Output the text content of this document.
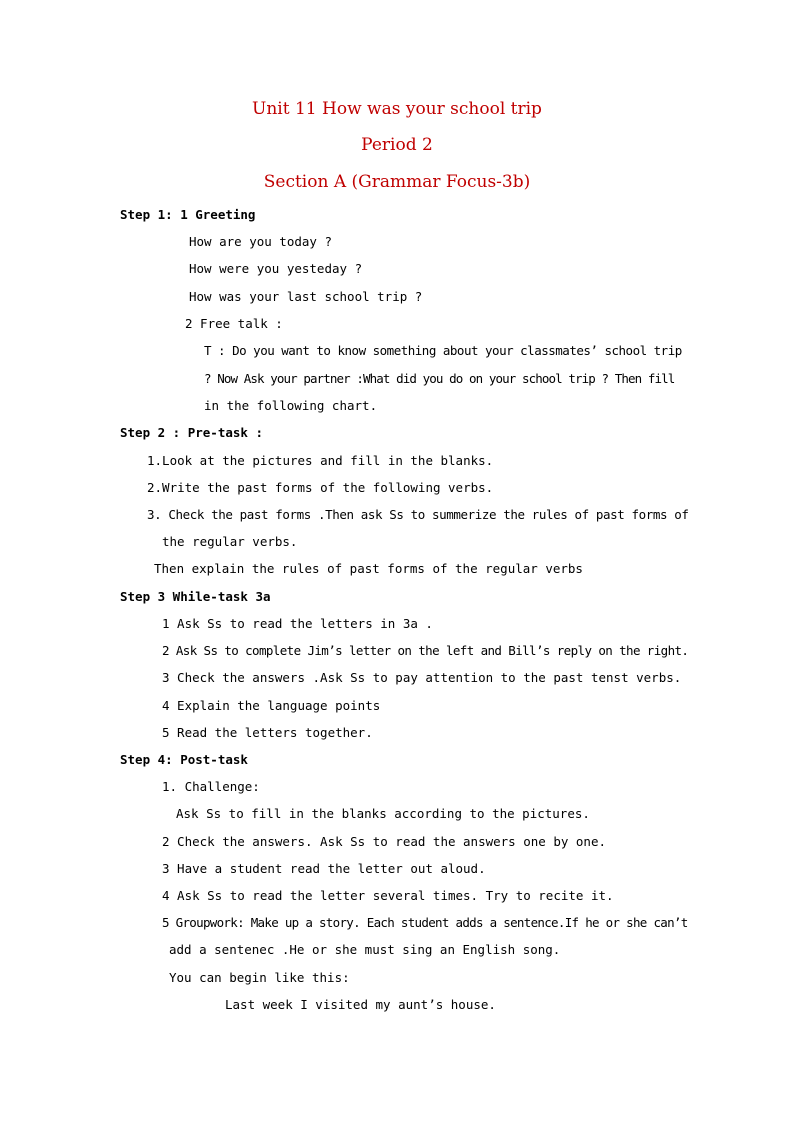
Unit 11 How was your school trip
Period 2
Section A (Grammar Focus-3b)
Step 1: 1 Greeting
How are you today ?
How were you yesteday ?
How was your last school trip ?
2 Free talk :
T : Do you want to know something about your classmates’ school trip
? Now Ask your partner :What did you do on your school trip ? Then fill
in the following chart.
Step 2 : Pre-task :
1.Look at the pictures and fill in the blanks.
2.Write the past forms of the following verbs.
3. Check the past forms .Then ask Ss to summerize the rules of past forms of
the regular verbs.
Then explain the rules of past forms of the regular verbs
Step 3 While-task 3a
1 Ask Ss to read the letters in 3a .
2 Ask Ss to complete Jim’s letter on the left and Bill’s reply on the right.
3 Check the answers .Ask Ss to pay attention to the past tenst verbs.
4 Explain the language points
5 Read the letters together.
Step 4: Post-task
1. Challenge:
Ask Ss to fill in the blanks according to the pictures.
2 Check the answers. Ask Ss to read the answers one by one.
3 Have a student read the letter out aloud.
4 Ask Ss to read the letter several times. Try to recite it.
5 Groupwork: Make up a story. Each student adds a sentence.If he or she can’t
add a sentenec .He or she must sing an English song.
You can begin like this:
Last week I visited my aunt’s house.
